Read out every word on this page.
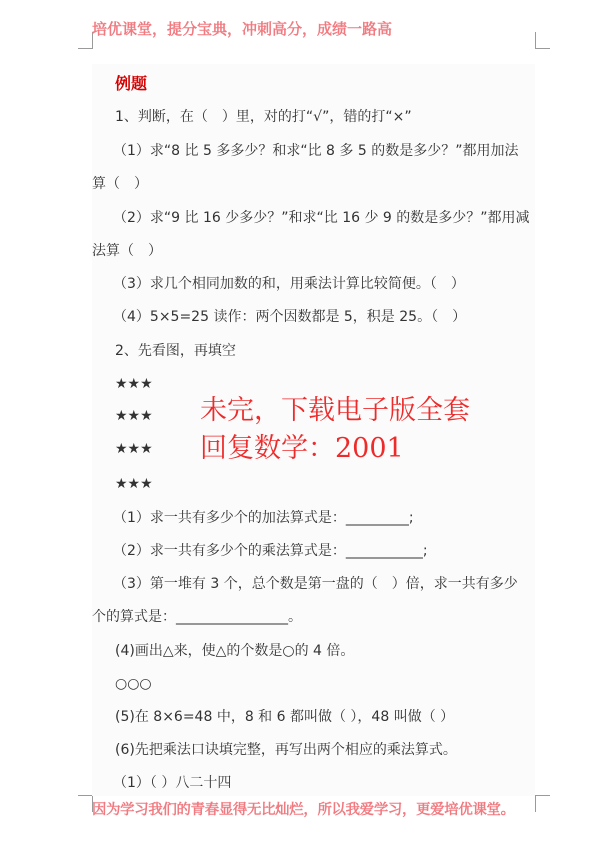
培优课堂，提分宝典，冲刺高分，成绩一路高
例题
1、判断，在（　）里，对的打“√”，错的打“×”
（1）求“8 比 5 多多少？和求“比 8 多 5 的数是多少？”都用加法
算（　）
（2）求“9 比 16 少多少？”和求“比 16 少 9 的数是多少？”都用减
法算（　）
（3）求几个相同加数的和，用乘法计算比较简便。（　）
（4）5×5=25 读作：两个因数都是 5，积是 25。（　）
2、先看图，再填空
★★★
★★★
★★★
★★★
（1）求一共有多少个的加法算式是：_________;
（2）求一共有多少个的乘法算式是：___________;
（3）第一堆有 3 个，总个数是第一盘的（　）倍，求一共有多少
个的算式是：________________。
(4)画出△来，使△的个数是○的 4 倍。
○○○
(5)在 8×6=48 中，8 和 6 都叫做（ ），48 叫做（ ）
(6)先把乘法口诀填完整，再写出两个相应的乘法算式。
（1）（ ）八二十四
未完，下载电子版全套
回复数学：2001
因为学习我们的青春显得无比灿烂，所以我爱学习，更爱培优课堂。
